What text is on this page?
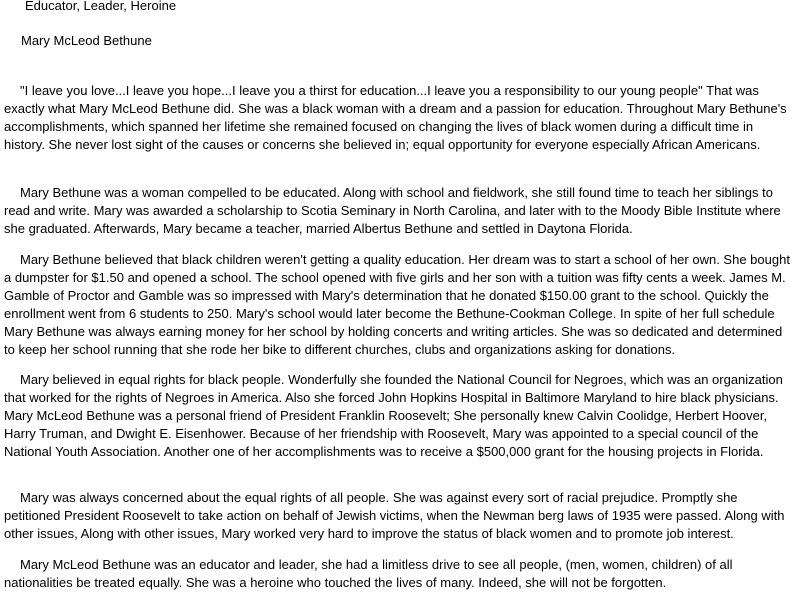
Educator, Leader, Heroine
Mary McLeod Bethune

"I leave you love...I leave you hope...I leave you a thirst for education...I leave you a responsibility to our young people" That was exactly what Mary McLeod Bethune did. She was a black woman with a dream and a passion for education. Throughout Mary Bethune's accomplishments, which spanned her lifetime she remained focused on changing the lives of black women during a difficult time in history. She never lost sight of the causes or concerns she believed in; equal opportunity for everyone especially African Americans.

Mary Bethune was a woman compelled to be educated. Along with school and fieldwork, she still found time to teach her siblings to read and write. Mary was awarded a scholarship to Scotia Seminary in North Carolina, and later with to the Moody Bible Institute where she graduated. Afterwards, Mary became a teacher, married Albertus Bethune and settled in Daytona Florida.

Mary Bethune believed that black children weren't getting a quality education. Her dream was to start a school of her own. She bought a dumpster for $1.50 and opened a school. The school opened with five girls and her son with a tuition was fifty cents a week. James M. Gamble of Proctor and Gamble was so impressed with Mary's determination that he donated $150.00 grant to the school. Quickly the enrollment went from 6 students to 250. Mary's school would later become the Bethune-Cookman College. In spite of her full schedule Mary Bethune was always earning money for her school by holding concerts and writing articles. She was so dedicated and determined to keep her school running that she rode her bike to different churches, clubs and organizations asking for donations.

Mary believed in equal rights for black people. Wonderfully she founded the National Council for Negroes, which was an organization that worked for the rights of Negroes in America. Also she forced John Hopkins Hospital in Baltimore Maryland to hire black physicians. Mary McLeod Bethune was a personal friend of President Franklin Roosevelt; She personally knew Calvin Coolidge, Herbert Hoover, Harry Truman, and Dwight E. Eisenhower. Because of her friendship with Roosevelt, Mary was appointed to a special council of the National Youth Association. Another one of her accomplishments was to receive a $500,000 grant for the housing projects in Florida.

Mary was always concerned about the equal rights of all people. She was against every sort of racial prejudice. Promptly she petitioned President Roosevelt to take action on behalf of Jewish victims, when the Newman berg laws of 1935 were passed. Along with other issues, Along with other issues, Mary worked very hard to improve the status of black women and to promote job interest.

Mary McLeod Bethune was an educator and leader, she had a limitless drive to see all people, (men, women, children) of all nationalities be treated equally. She was a heroine who touched the lives of many. Indeed, she will not be forgotten.
